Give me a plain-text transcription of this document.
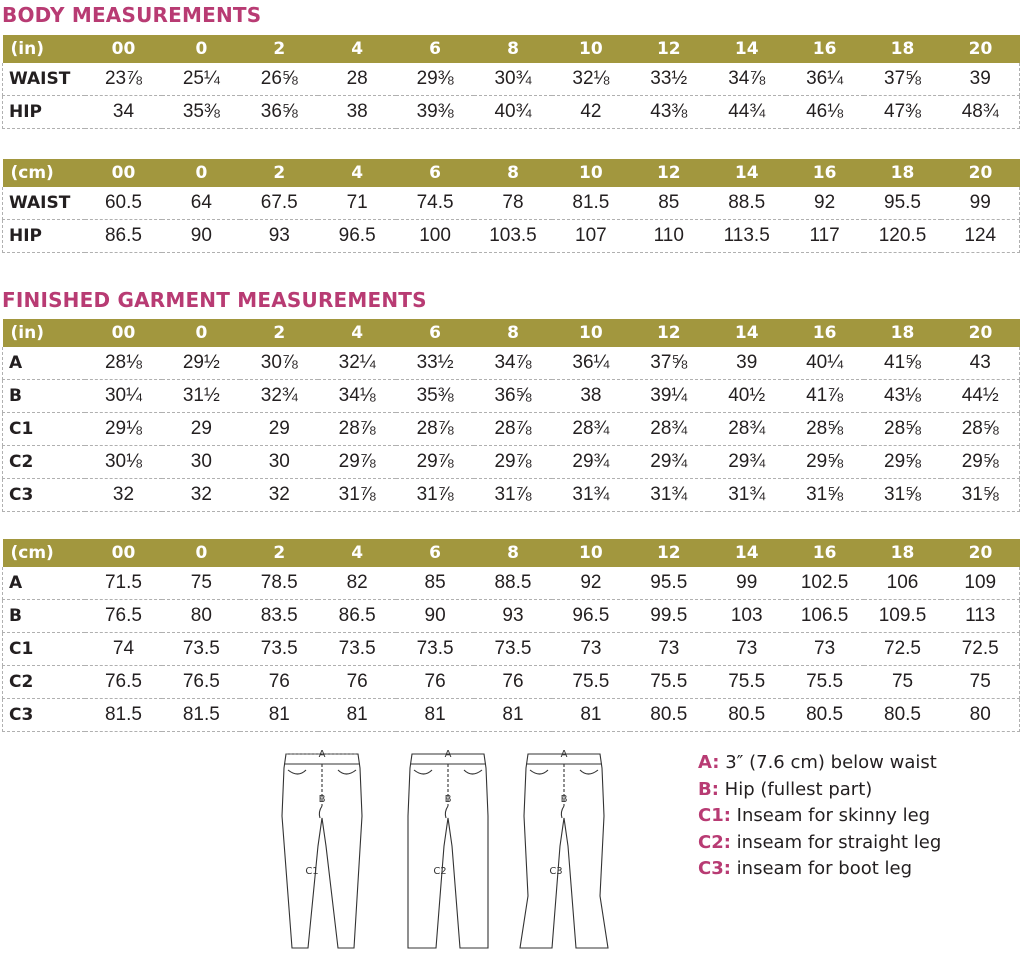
BODY MEASUREMENTS
(in)	00	0	2	4	6	8	10	12	14	16	18	20
WAIST	23⅞	25¼	26⅝	28	29⅜	30¾	32⅛	33½	34⅞	36¼	37⅝	39
HIP	34	35⅜	36⅝	38	39⅜	40¾	42	43⅜	44¾	46⅛	47⅜	48¾
(cm)	00	0	2	4	6	8	10	12	14	16	18	20
WAIST	60.5	64	67.5	71	74.5	78	81.5	85	88.5	92	95.5	99
HIP	86.5	90	93	96.5	100	103.5	107	110	113.5	117	120.5	124
FINISHED GARMENT MEASUREMENTS
(in)	00	0	2	4	6	8	10	12	14	16	18	20
A	28⅛	29½	30⅞	32¼	33½	34⅞	36¼	37⅝	39	40¼	41⅝	43
B	30¼	31½	32¾	34⅛	35⅜	36⅝	38	39¼	40½	41⅞	43⅛	44½
C1	29⅛	29	29	28⅞	28⅞	28⅞	28¾	28¾	28¾	28⅝	28⅝	28⅝
C2	30⅛	30	30	29⅞	29⅞	29⅞	29¾	29¾	29¾	29⅝	29⅝	29⅝
C3	32	32	32	31⅞	31⅞	31⅞	31¾	31¾	31¾	31⅝	31⅝	31⅝
(cm)	00	0	2	4	6	8	10	12	14	16	18	20
A	71.5	75	78.5	82	85	88.5	92	95.5	99	102.5	106	109
B	76.5	80	83.5	86.5	90	93	96.5	99.5	103	106.5	109.5	113
C1	74	73.5	73.5	73.5	73.5	73.5	73	73	73	73	72.5	72.5
C2	76.5	76.5	76	76	76	76	75.5	75.5	75.5	75.5	75	75
C3	81.5	81.5	81	81	81	81	81	80.5	80.5	80.5	80.5	80
A
B
C1
A
B
C2
A
B
C3
A: 3″ (7.6 cm) below waist
B: Hip (fullest part)
C1: Inseam for skinny leg
C2: inseam for straight leg
C3: inseam for boot leg
